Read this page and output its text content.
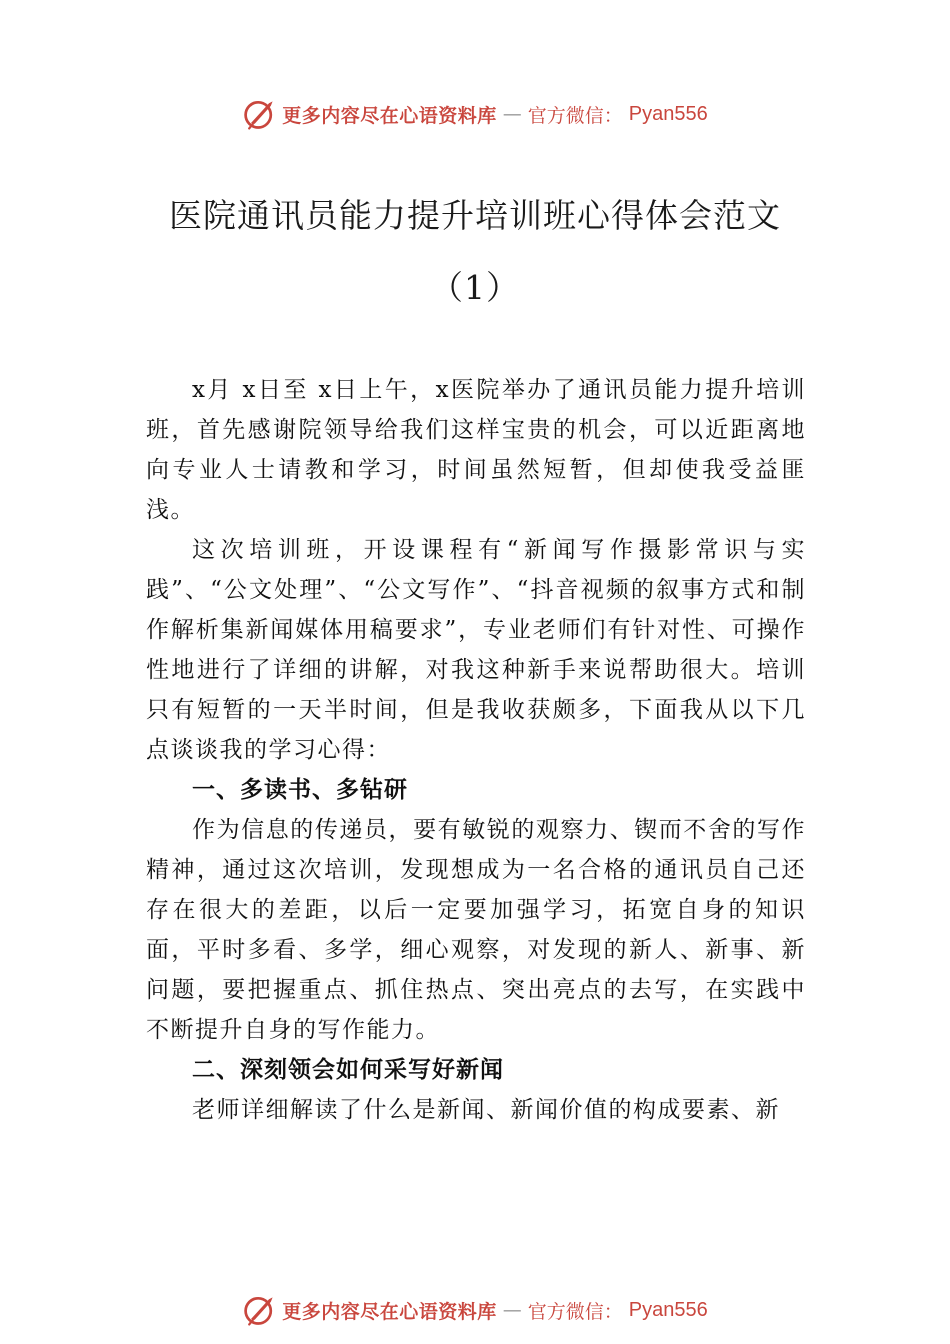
更多内容尽在心语资料库 — 官方微信： Pyan556
医院通讯员能力提升培训班心得体会范文
（1）

x月 x日至 x日上午，x医院举办了通讯员能力提升培训班，首先感谢院领导给我们这样宝贵的机会，可以近距离地向专业人士请教和学习，时间虽然短暂，但却使我受益匪浅。

这次培训班，开设课程有“新闻写作摄影常识与实践”、“公文处理”、“公文写作”、“抖音视频的叙事方式和制作解析集新闻媒体用稿要求”，专业老师们有针对性、可操作性地进行了详细的讲解，对我这种新手来说帮助很大。培训只有短暂的一天半时间，但是我收获颇多，下面我从以下几点谈谈我的学习心得：

一、多读书、多钻研

作为信息的传递员，要有敏锐的观察力、锲而不舍的写作精神，通过这次培训，发现想成为一名合格的通讯员自己还存在很大的差距，以后一定要加强学习，拓宽自身的知识面，平时多看、多学，细心观察，对发现的新人、新事、新问题，要把握重点、抓住热点、突出亮点的去写，在实践中不断提升自身的写作能力。

二、深刻领会如何采写好新闻

老师详细解读了什么是新闻、新闻价值的构成要素、新

更多内容尽在心语资料库 — 官方微信： Pyan556
